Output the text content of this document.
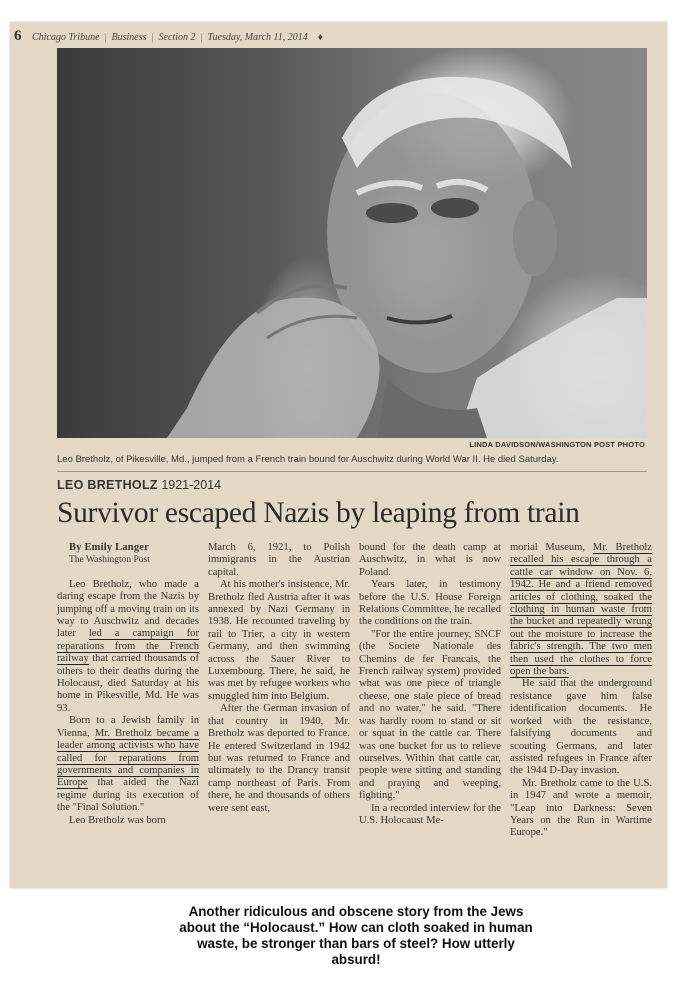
6 Chicago Tribune | Business | Section 2 | Tuesday, March 11, 2014 ♦
LINDA DAVIDSON/WASHINGTON POST PHOTO
Leo Bretholz, of Pikesville, Md., jumped from a French train bound for Auschwitz during World War II. He died Saturday.
LEO BRETHOLZ 1921-2014
Survivor escaped Nazis by leaping from train

By Emily Langer

The Washington Post

Leo Bretholz, who made a daring escape from the Nazis by jumping off a moving train on its way to Auschwitz and decades later led a campaign for reparations from the French railway that carried thousands of others to their deaths during the Holocaust, died Saturday at his home in Pikesville, Md. He was 93.

Born to a Jewish family in Vienna, Mr. Bretholz became a leader among activists who have called for reparations from governments and companies in Europe that aided the Nazi regime during its execution of the "Final Solution."

Leo Bretholz was born

March 6, 1921, to Polish immigrants in the Austrian capital.

At his mother's insistence, Mr. Bretholz fled Austria after it was annexed by Nazi Germany in 1938. He recounted traveling by rail to Trier, a city in western Germany, and then swimming across the Sauer River to Luxembourg. There, he said, he was met by refugee workers who smuggled him into Belgium.

After the German invasion of that country in 1940, Mr. Bretholz was deported to France. He entered Switzerland in 1942 but was returned to France and ultimately to the Drancy transit camp northeast of Paris. From there, he and thousands of others were sent east,

bound for the death camp at Auschwitz, in what is now Poland.

Years later, in testimony before the U.S. House Foreign Relations Committee, he recalled the conditions on the train.

"For the entire journey, SNCF (the Societe Nationale des Chemins de fer Francais, the French railway system) provided what was one piece of triangle cheese, one stale piece of bread and no water," he said. "There was hardly room to stand or sit or squat in the cattle car. There was one bucket for us to relieve ourselves. Within that cattle car, people were sitting and standing and praying and weeping, fighting."

In a recorded interview for the U.S. Holocaust Me-

morial Museum, Mr. Bretholz recalled his escape through a cattle car window on Nov. 6, 1942. He and a friend removed articles of clothing, soaked the clothing in human waste from the bucket and repeatedly wrung out the moisture to increase the fabric's strength. The two men then used the clothes to force open the bars.

He said that the underground resistance gave him false identification documents. He worked with the resistance, falsifying documents and scouting Germans, and later assisted refugees in France after the 1944 D-Day invasion.

Mr. Bretholz came to the U.S. in 1947 and wrote a memoir, "Leap into Darkness: Seven Years on the Run in Wartime Europe."

Another ridiculous and obscene story from the Jews about the “Holocaust.” How can cloth soaked in human waste, be stronger than bars of steel? How utterly absurd!
